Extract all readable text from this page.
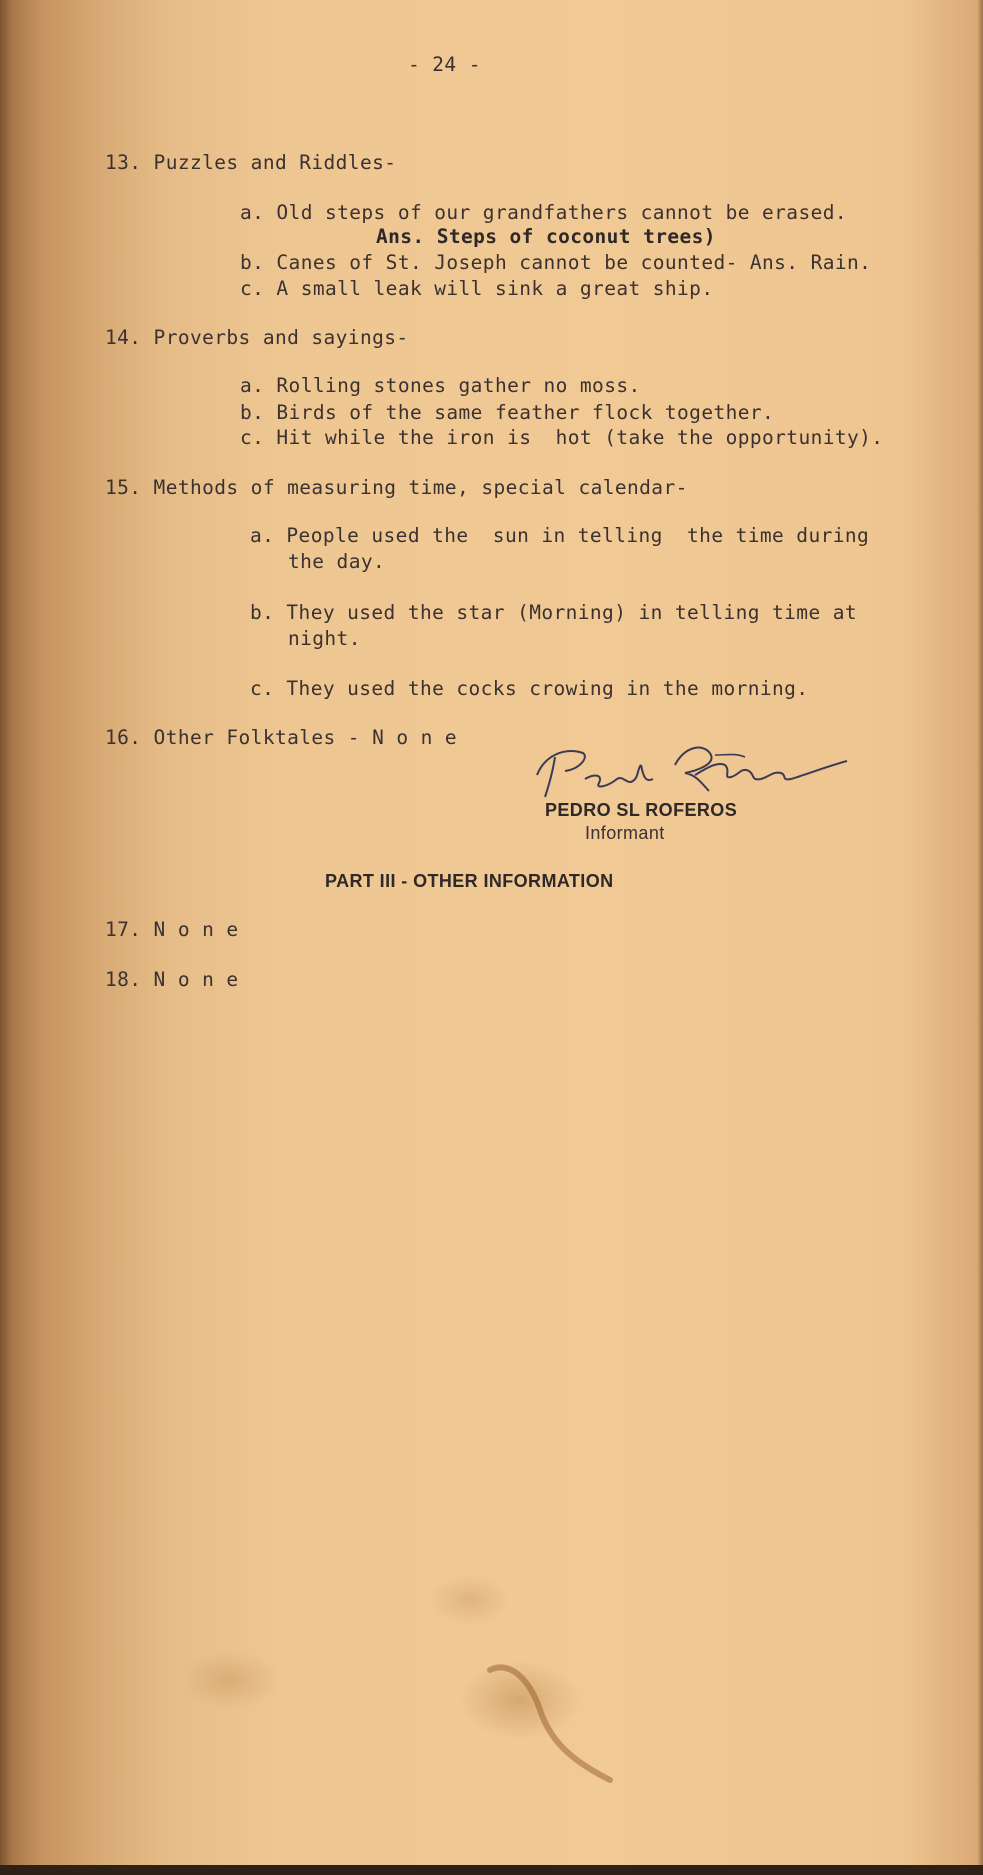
- 24 -
13. Puzzles and Riddles-
a. Old steps of our grandfathers cannot be erased.
Ans. Steps of coconut trees)
b. Canes of St. Joseph cannot be counted- Ans. Rain.
c. A small leak will sink a great ship.
14. Proverbs and sayings-
a. Rolling stones gather no moss.
b. Birds of the same feather flock together.
c. Hit while the iron is  hot (take the opportunity).
15. Methods of measuring time, special calendar-
a. People used the  sun in telling  the time during
the day.
b. They used the star (Morning) in telling time at
night.
c. They used the cocks crowing in the morning.
16. Other Folktales - N o n e
PEDRO SL ROFEROS
Informant
PART III - OTHER INFORMATION
17. N o n e
18. N o n e
